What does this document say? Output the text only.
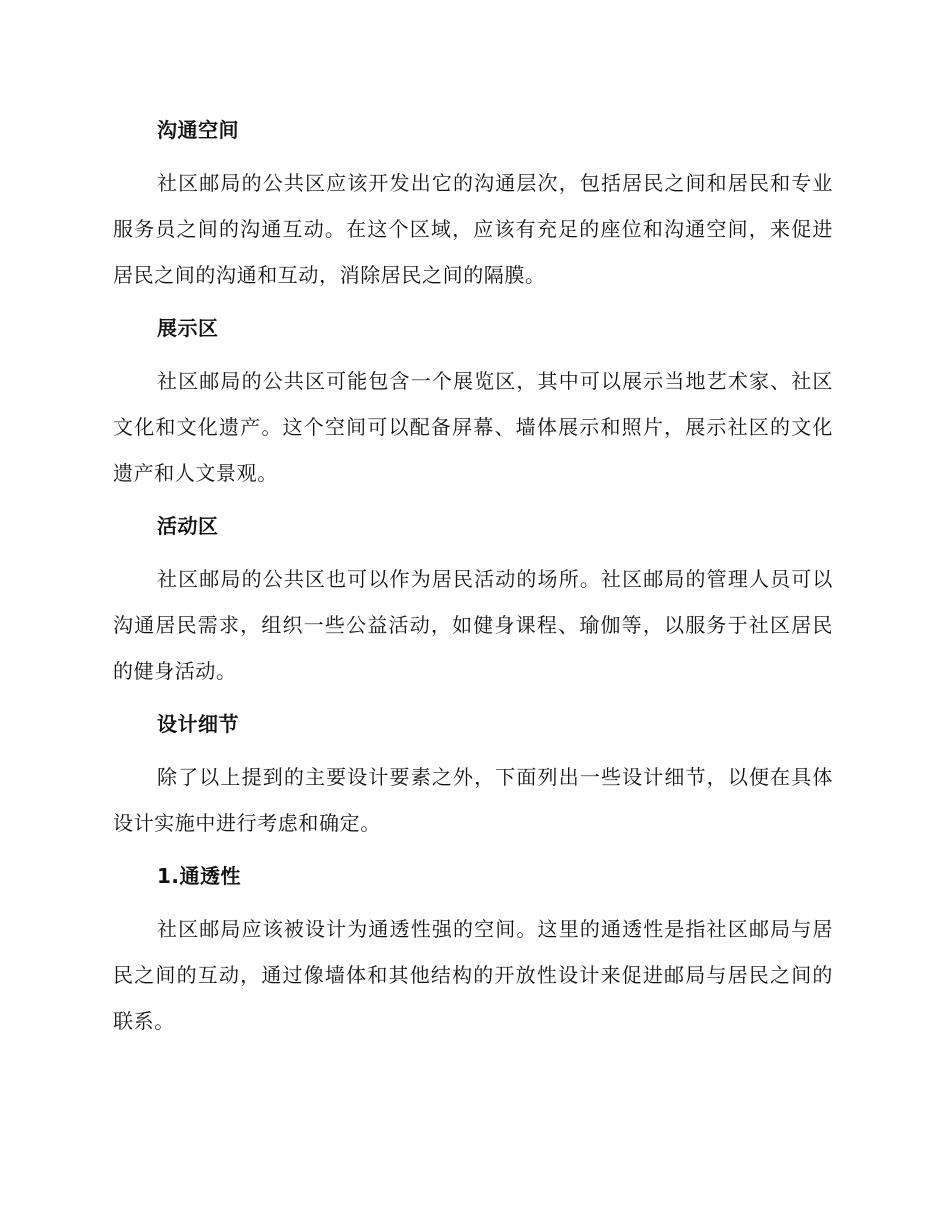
沟通空间

社区邮局的公共区应该开发出它的沟通层次，包括居民之间和居民和专业服务员之间的沟通互动。在这个区域，应该有充足的座位和沟通空间，来促进居民之间的沟通和互动，消除居民之间的隔膜。

展示区

社区邮局的公共区可能包含一个展览区，其中可以展示当地艺术家、社区文化和文化遗产。这个空间可以配备屏幕、墙体展示和照片，展示社区的文化遗产和人文景观。

活动区

社区邮局的公共区也可以作为居民活动的场所。社区邮局的管理人员可以沟通居民需求，组织一些公益活动，如健身课程、瑜伽等，以服务于社区居民的健身活动。

设计细节

除了以上提到的主要设计要素之外，下面列出一些设计细节，以便在具体设计实施中进行考虑和确定。

1.通透性

社区邮局应该被设计为通透性强的空间。这里的通透性是指社区邮局与居民之间的互动，通过像墙体和其他结构的开放性设计来促进邮局与居民之间的联系。
